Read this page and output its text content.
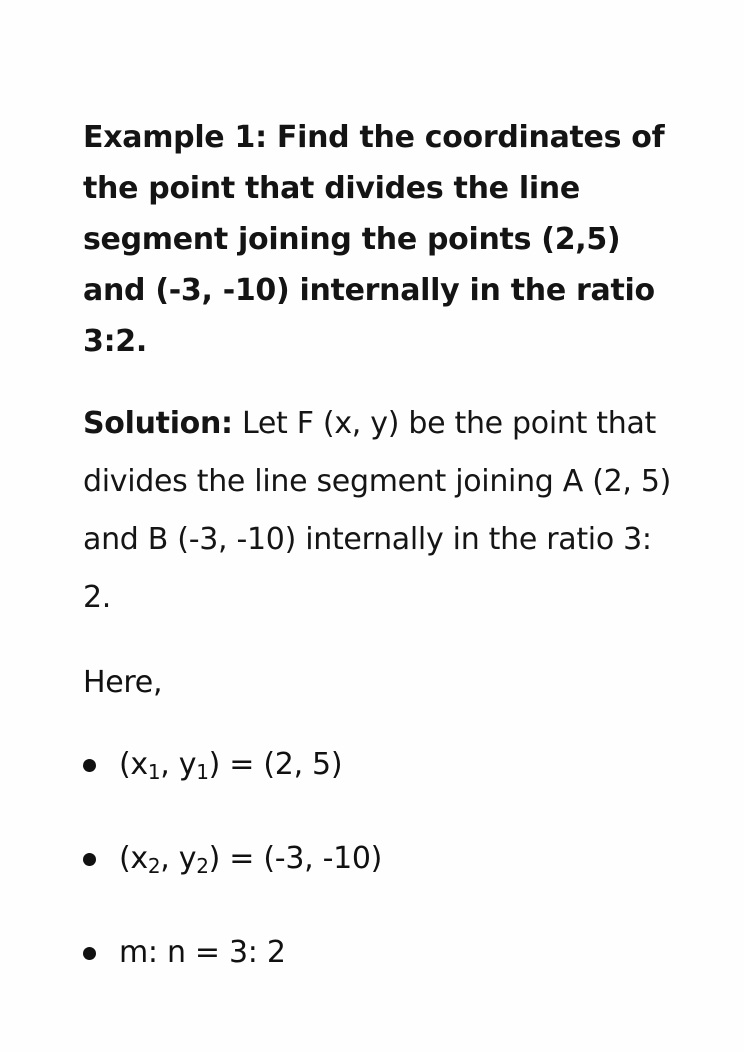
Example 1: Find the coordinates of the point that divides the line segment joining the points (2,5) and (-3, -10) internally in the ratio 3:2.

Solution: Let F (x, y) be the point that divides the line segment joining A (2, 5) and B (-3, -10) internally in the ratio 3: 2.

Here,

($x_1$, $y_1) = (2$, 5)
($x_2$, $y_2) = (-3$, -10)
m: n = 3: 2
